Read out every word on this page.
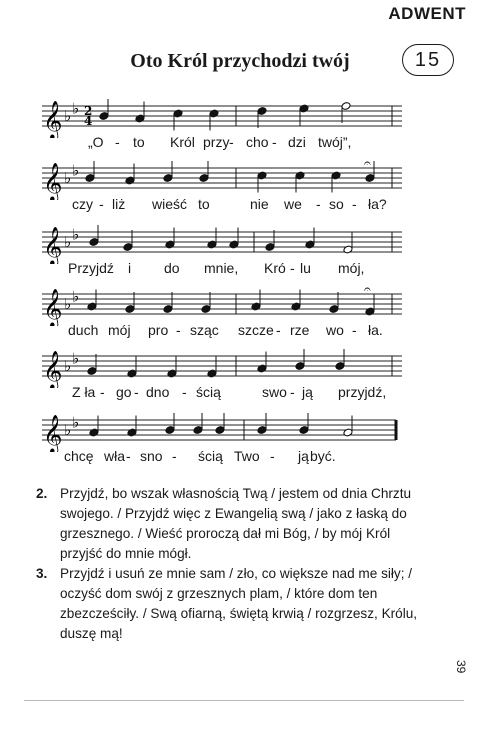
ADWENT
Oto Król przychodzi twój	15
𝄞 ♭ ♭ 2
4
„O - to Król przy - cho - dzi twój”,
𝄞 ♭ ♭	𝄐
czy - liż wieść to	nie we - so - ła?
𝄞 ♭ ♭
Przyjdź i do mnie, Kró - lu mój,
𝄞 ♭ ♭	𝄐
duch mój pro - sząc szcze - rze wo - ła.
𝄞 ♭ ♭
Z ła - go - dno - ścią	swo - ją przyjdź,
𝄞 ♭ ♭
chcę wła - sno - ścią Two - ją być.
2. Przyjdź, bo wszak własnością Twą / jestem od dnia Chrztu swojego. / Przyjdź więc z Ewangelią swą / jako z łaską do grzesznego. / Wieść proroczą dał mi Bóg, / by mój Król przyjść do mnie mógł.
3. Przyjdź i usuń ze mnie sam / zło, co większe nad me siły; / oczyść dom swój z grzesznych plam, / które dom ten zbezcześciły. / Swą ofiarną, świętą krwią / rozgrzesz, Królu, duszę mą!
39
